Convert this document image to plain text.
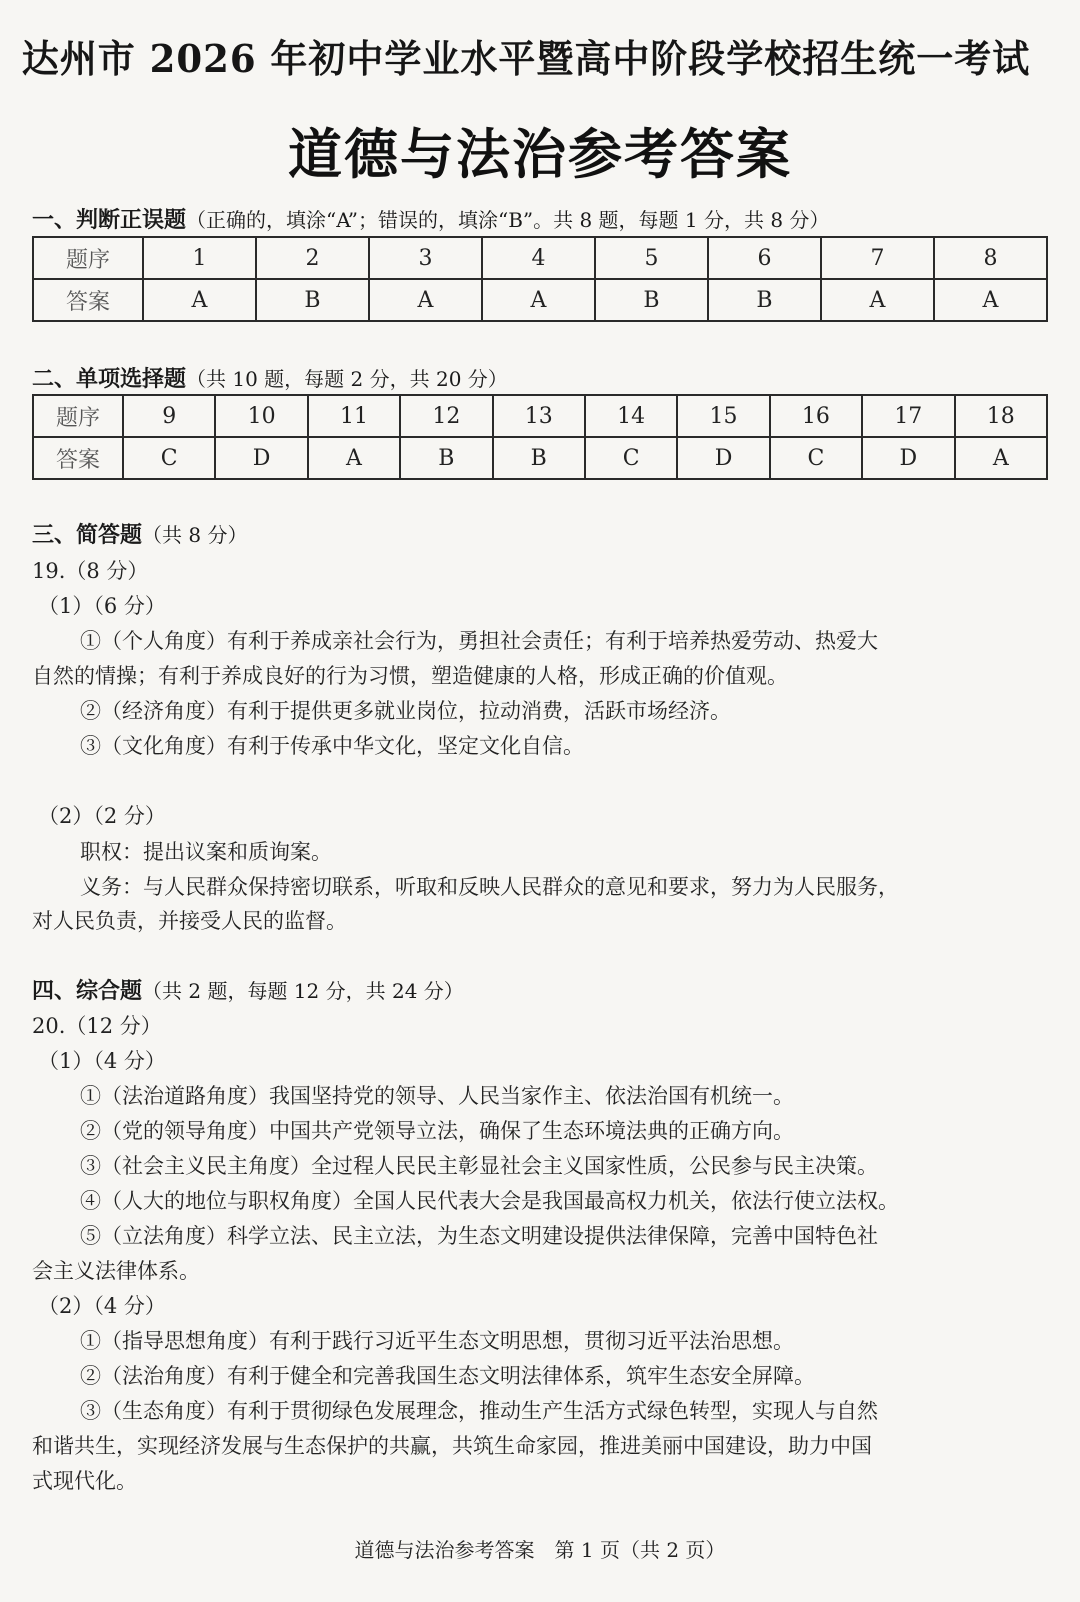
达州市 2026 年初中学业水平暨高中阶段学校招生统一考试
道德与法治参考答案
一、判断正误题（正确的，填涂“A”；错误的，填涂“B”。共 8 题，每题 1 分，共 8 分）
题序	1	2	3	4	5	6	7	8
答案	A	B	A	A	B	B	A	A
二、单项选择题（共 10 题，每题 2 分，共 20 分）
题序	9	10	11	12	13	14	15	16	17	18
答案	C	D	A	B	B	C	D	C	D	A
三、简答题（共 8 分）
19.（8 分）
（1）（6 分）
①（个人角度）有利于养成亲社会行为，勇担社会责任；有利于培养热爱劳动、热爱大
自然的情操；有利于养成良好的行为习惯，塑造健康的人格，形成正确的价值观。
②（经济角度）有利于提供更多就业岗位，拉动消费，活跃市场经济。
③（文化角度）有利于传承中华文化，坚定文化自信。
（2）（2 分）
职权：提出议案和质询案。
义务：与人民群众保持密切联系，听取和反映人民群众的意见和要求，努力为人民服务，
对人民负责，并接受人民的监督。
四、综合题（共 2 题，每题 12 分，共 24 分）
20.（12 分）
（1）（4 分）
①（法治道路角度）我国坚持党的领导、人民当家作主、依法治国有机统一。
②（党的领导角度）中国共产党领导立法，确保了生态环境法典的正确方向。
③（社会主义民主角度）全过程人民民主彰显社会主义国家性质，公民参与民主决策。
④（人大的地位与职权角度）全国人民代表大会是我国最高权力机关，依法行使立法权。
⑤（立法角度）科学立法、民主立法，为生态文明建设提供法律保障，完善中国特色社
会主义法律体系。
（2）（4 分）
①（指导思想角度）有利于践行习近平生态文明思想，贯彻习近平法治思想。
②（法治角度）有利于健全和完善我国生态文明法律体系，筑牢生态安全屏障。
③（生态角度）有利于贯彻绿色发展理念，推动生产生活方式绿色转型，实现人与自然
和谐共生，实现经济发展与生态保护的共赢，共筑生命家园，推进美丽中国建设，助力中国
式现代化。
道德与法治参考答案　第 1 页（共 2 页）
